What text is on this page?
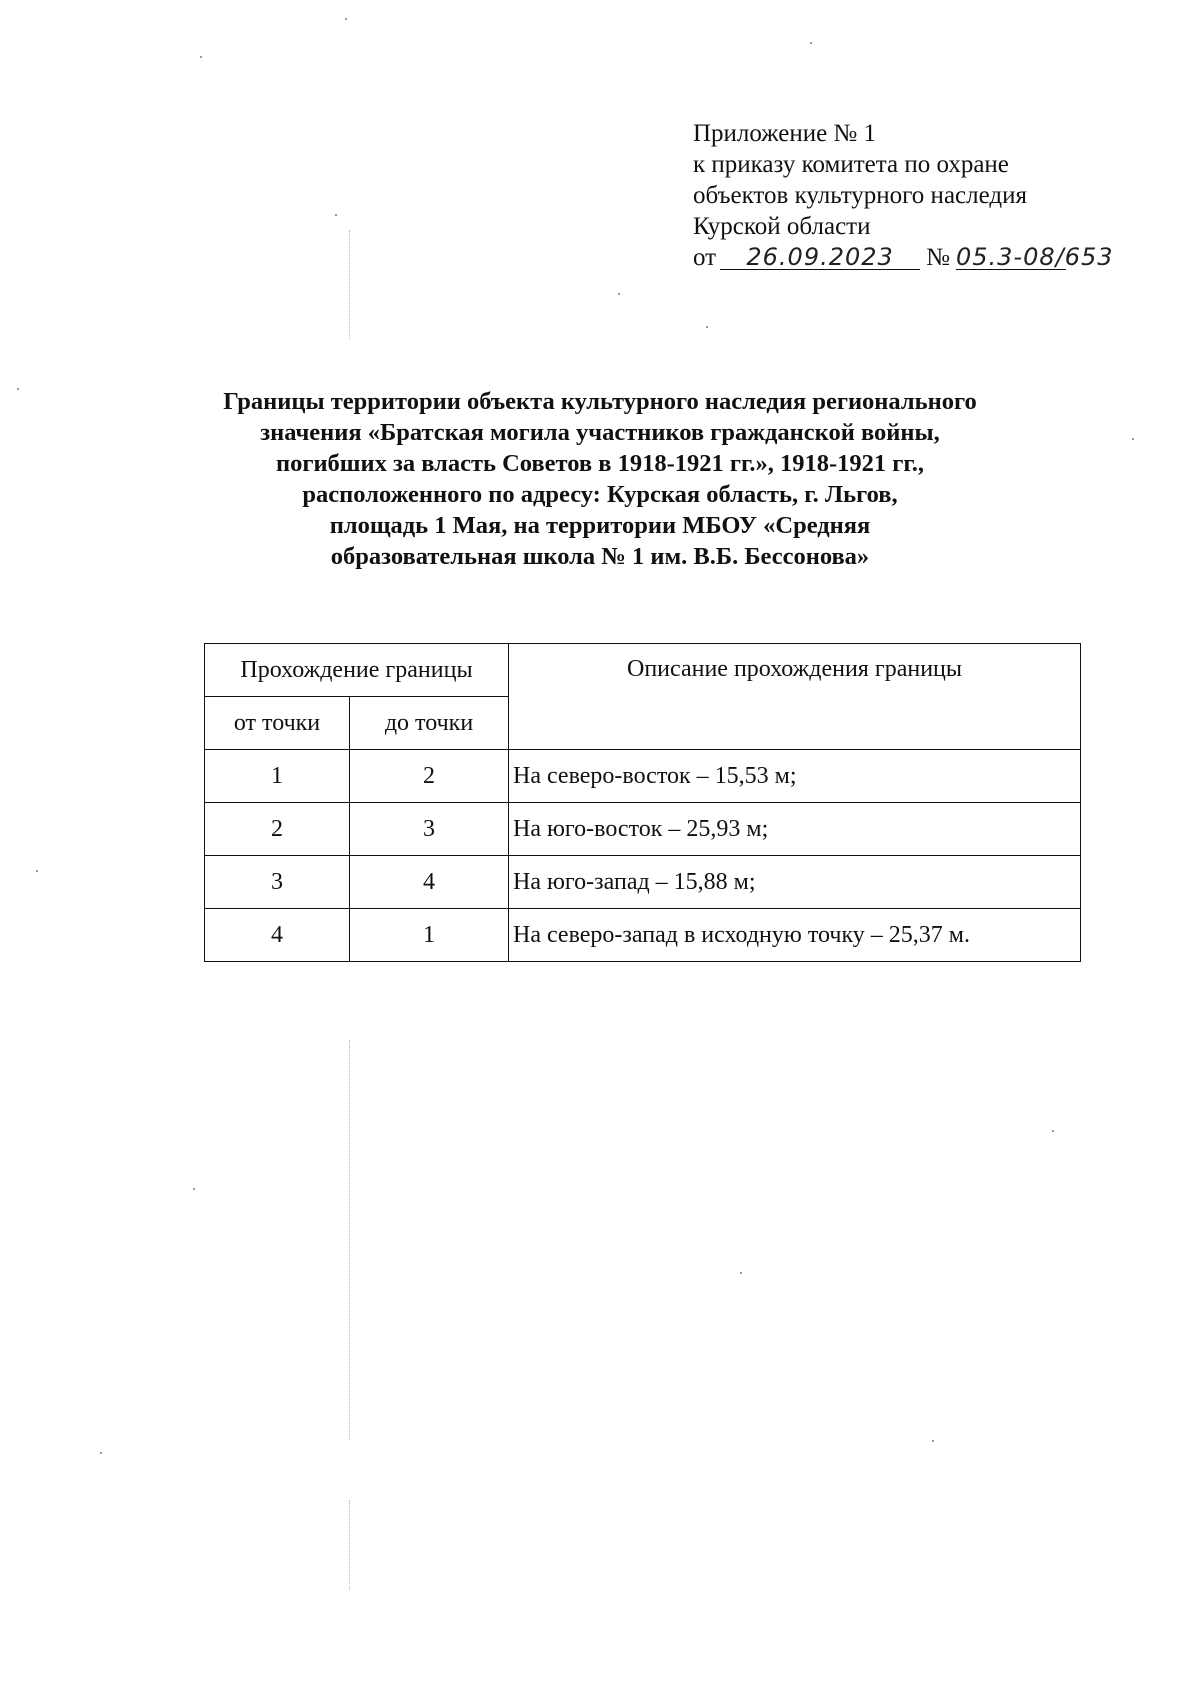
Приложение № 1
к приказу комитета по охране
объектов культурного наследия
Курской области
от 26.09.2023 № 05.3-08/653
Границы территории объекта культурного наследия регионального
значения «Братская могила участников гражданской войны,
погибших за власть Советов в 1918-1921 гг.», 1918-1921 гг.,
расположенного по адресу: Курская область, г. Льгов,
площадь 1 Мая, на территории МБОУ «Средняя
образовательная школа № 1 им. В.Б. Бессонова»
Прохождение границы		Описание прохождения границы
от точки	до точки	
1	2	На северо-восток – 15,53 м;
2	3	На юго-восток – 25,93 м;
3	4	На юго-запад – 15,88 м;
4	1	На северо-запад в исходную точку – 25,37 м.
